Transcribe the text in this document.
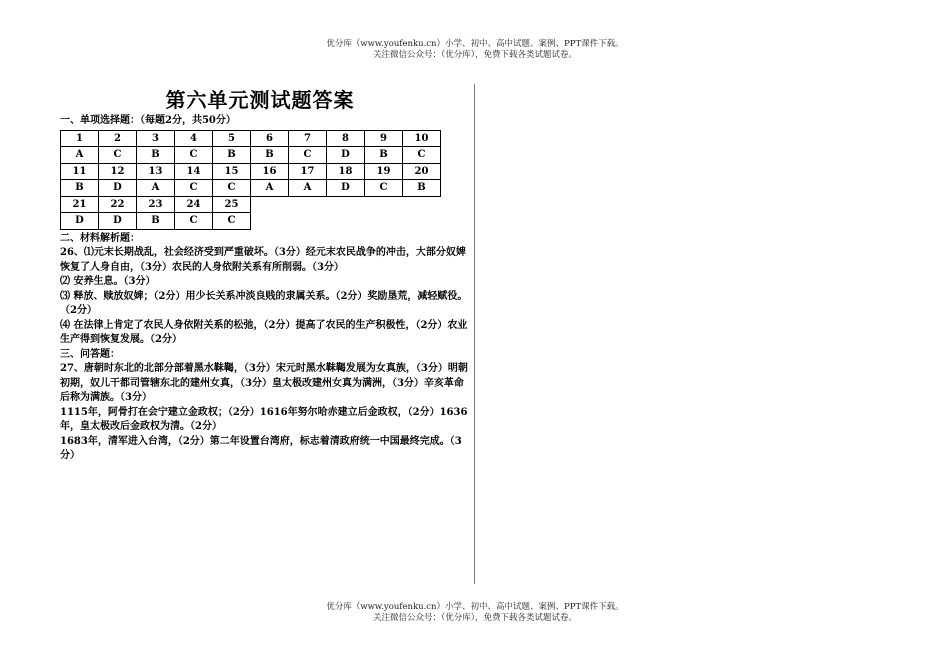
优分库（www.youfenku.cn）小学、初中、高中试题、案例、PPT课件下载。
关注微信公众号：（优分库），免费下载各类试题试卷。
第六单元测试题答案

一、单项选择题：（每题2分，共50分）

1	2	3	4	5	6	7	8	9	10
A	C	B	C	B	B	C	D	B	C
11	12	13	14	15	16	17	18	19	20
B	D	A	C	C	A	A	D	C	B
21	22	23	24	25					
D	D	B	C	C					

二、材料解析题：

26、⑴元末长期战乱，社会经济受到严重破坏。（3分）经元末农民战争的冲击，大部分奴婢恢复了人身自由，（3分）农民的人身依附关系有所削弱。（3分）

⑵ 安养生息。（3分）

⑶ 释放、赎放奴婢；（2分）用少长关系冲淡良贱的隶属关系。（2分）奖励垦荒，减轻赋役。（2分）

⑷ 在法律上肯定了农民人身依附关系的松弛，（2分）提高了农民的生产积极性，（2分）农业生产得到恢复发展。（2分）

三、问答题：

27、唐朝时东北的北部分部着黑水靺鞨，（3分）宋元时黑水靺鞨发展为女真族，（3分）明朝初期，奴儿干都司管辖东北的建州女真，（3分）皇太极改建州女真为满洲，（3分）辛亥革命后称为满族。（3分）

1115年，阿骨打在会宁建立金政权；（2分）1616年努尔哈赤建立后金政权，（2分）1636年，皇太极改后金政权为清。（2分）

1683年，清军进入台湾，（2分）第二年设置台湾府，标志着清政府统一中国最终完成。（3分）

优分库（www.youfenku.cn）小学、初中、高中试题、案例、PPT课件下载。
关注微信公众号：（优分库），免费下载各类试题试卷。
